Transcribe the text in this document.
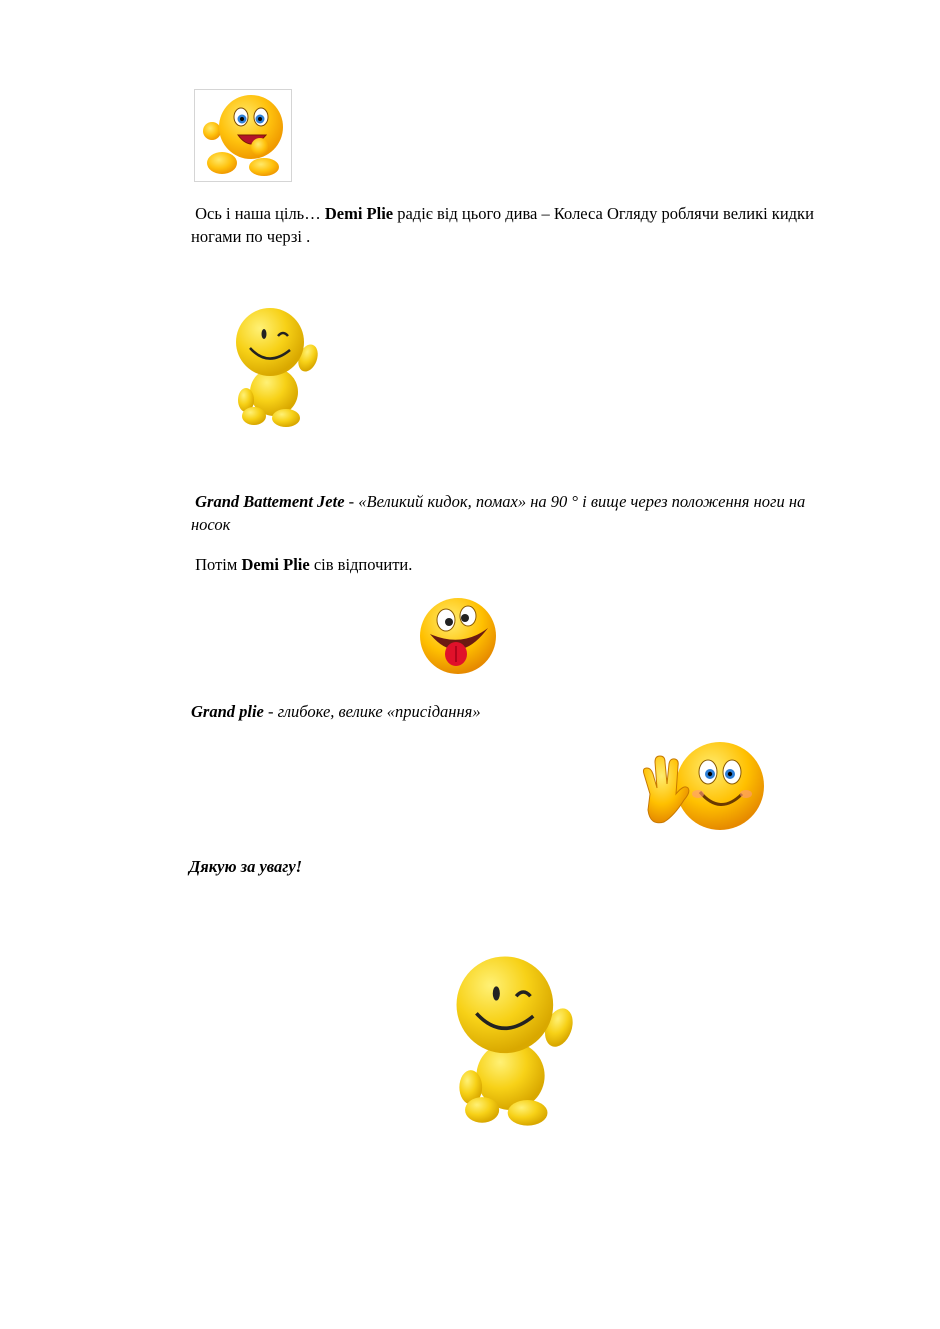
Ось і наша ціль… Demi Plie радіє від цього дива – Колеса Огляду роблячи великі кидки
ногами по черзі .
Grand Battement Jete - «Великий кидок, помах» на 90 ° і вище через положення ноги на
носок
Потім Demi Plie сів відпочити.
Grand plie - глибоке, велике «присідання»
Дякую за увагу!
